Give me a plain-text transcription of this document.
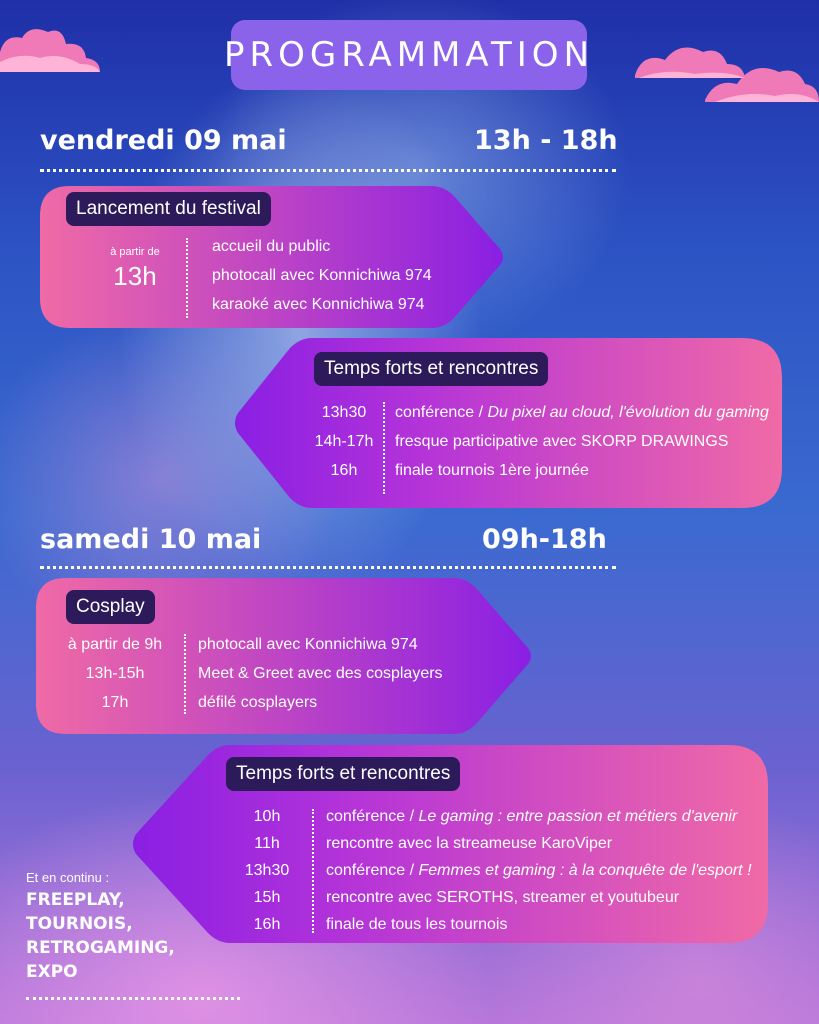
PROGRAMMATION
vendredi 09 mai	13h - 18h
Lancement du festival
à partir de
13h
accueil du public
photocall avec Konnichiwa 974
karaoké avec Konnichiwa 974
Temps forts et rencontres
13h30
14h-17h
16h
conférence / Du pixel au cloud, l'évolution du gaming
fresque participative avec SKORP DRAWINGS
finale tournois 1ère journée
samedi 10 mai	09h-18h
Cosplay
à partir de 9h
13h-15h
17h
photocall avec Konnichiwa 974
Meet & Greet avec des cosplayers
défilé cosplayers
Temps forts et rencontres
10h
11h
13h30
15h
16h
conférence / Le gaming : entre passion et métiers d'avenir
rencontre avec la streameuse KaroViper
conférence / Femmes et gaming : à la conquête de l'esport !
rencontre avec SEROTHS, streamer et youtubeur
finale de tous les tournois
Et en continu :
FREEPLAY,
TOURNOIS,
RETROGAMING,
EXPO
